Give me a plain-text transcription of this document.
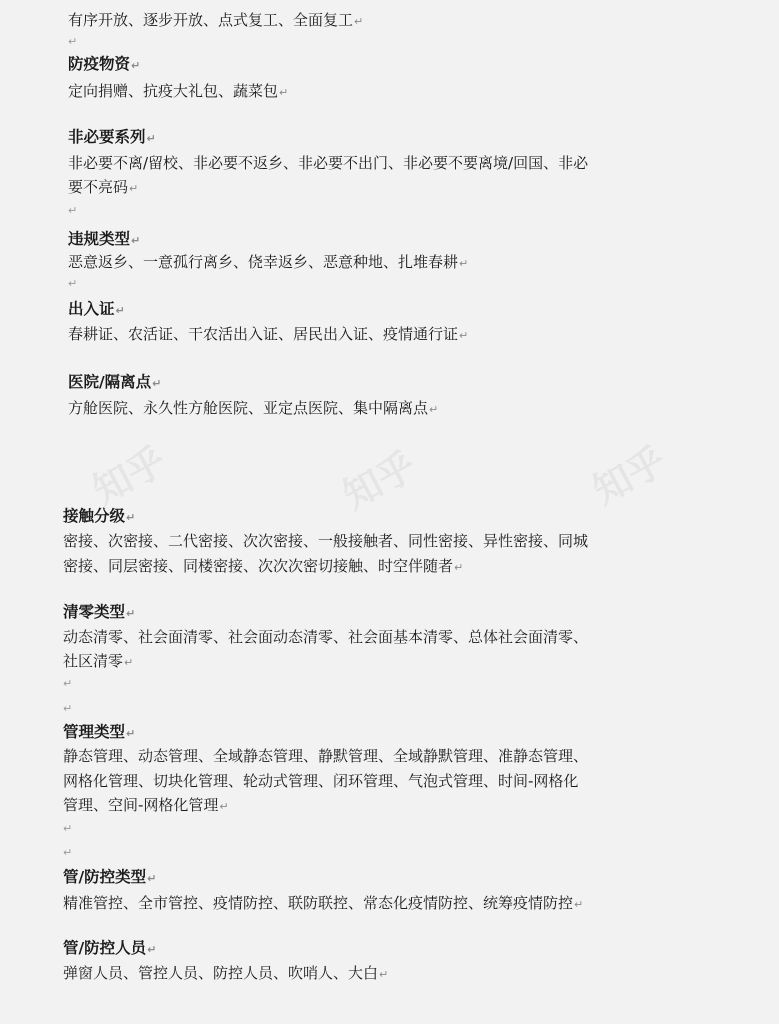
知乎	知乎	知乎
有序开放、逐步开放、点式复工、全面复工↵
↵
防疫物资↵
定向捐赠、抗疫大礼包、蔬菜包↵
非必要系列↵
非必要不离/留校、非必要不返乡、非必要不出门、非必要不要离境/回国、非必
要不亮码↵
↵
违规类型↵
恶意返乡、一意孤行离乡、侥幸返乡、恶意种地、扎堆春耕↵
↵
出入证↵
春耕证、农活证、干农活出入证、居民出入证、疫情通行证↵
医院/隔离点↵
方舱医院、永久性方舱医院、亚定点医院、集中隔离点↵
接触分级↵
密接、次密接、二代密接、次次密接、一般接触者、同性密接、异性密接、同城
密接、同层密接、同楼密接、次次次密切接触、时空伴随者↵
清零类型↵
动态清零、社会面清零、社会面动态清零、社会面基本清零、总体社会面清零、
社区清零↵
↵
↵
管理类型↵
静态管理、动态管理、全域静态管理、静默管理、全域静默管理、准静态管理、
网格化管理、切块化管理、轮动式管理、闭环管理、气泡式管理、时间-网格化
管理、空间-网格化管理↵
↵
↵
管/防控类型↵
精准管控、全市管控、疫情防控、联防联控、常态化疫情防控、统筹疫情防控↵
管/防控人员↵
弹窗人员、管控人员、防控人员、吹哨人、大白↵
